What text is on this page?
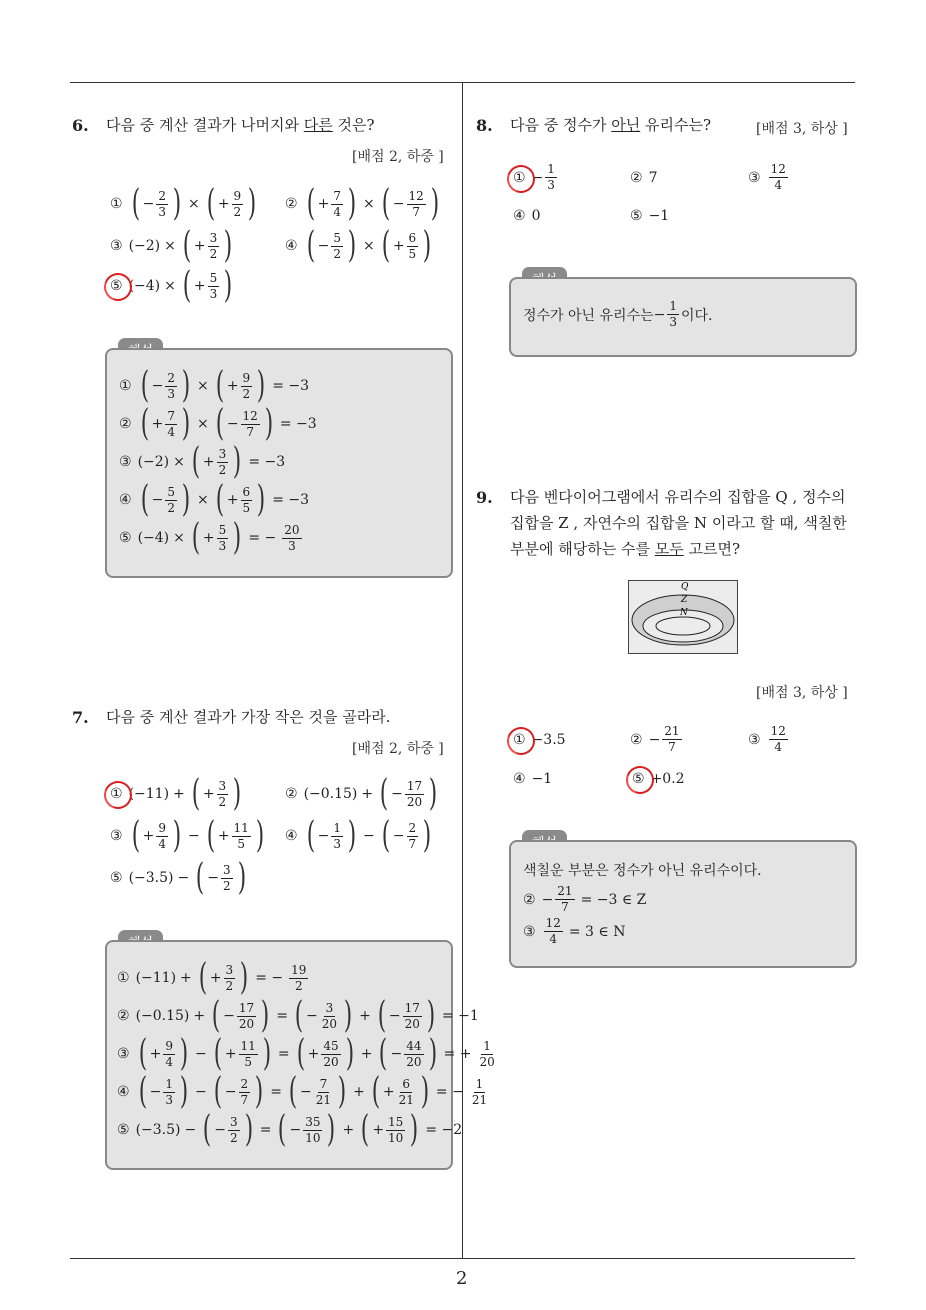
2
6. 다음 중 계산 결과가 나머지와 다른 것은?
[배점 2, 하중 ]
① ( −
2
3 ) × ( +
9
2 ) ② ( +
7
4 ) × ( −
12
7 )
③ (−2) × ( +
3
2 )	④ ( −
5
2 ) × ( +
6
5 )
⑤ (−4) × ( +
5
3 )
① ( −
2
3 ) × ( +
9
2 ) = −3
② ( +
7
4 ) × ( −
12
7 ) = −3
③ (−2) × ( +
3
2 ) = −3
④ ( −
5
2 ) × ( +
6
5 ) = −3
⑤ (−4) × ( +
5
3 ) = − $\frac{20}{3}$
7. 다음 중 계산 결과가 가장 작은 것을 골라라.
[배점 2, 하중 ]
① (−11) + ( +
3
2 )	② (−0.15) + ( −
17
20 )
③ ( +
9
4 ) − ( +
11
5 ) ④ ( −
1
3 ) − ( −
2
7 )
⑤ (−3.5) − ( −
3
2 )
① (−11) + ( +
3
2 ) = − $\frac{19}{2}$
② (−0.15) + ( −
17
20 ) = ( −
3
20 ) + ( −
17
20 ) = −1
③ ( +
9
4 ) − ( +
11
5 ) = ( +
45
20 ) + ( −
44
20 ) = + $\frac{1}{20}$
④ ( −
1
3 ) − ( −
2
7 ) = ( −
7
21 ) + ( +
6
21 ) = − $\frac{1}{21}$
⑤ (−3.5) − ( −
3
2 ) = ( −
35
10 ) + ( +
15
10 ) = −2
8. 다음 중 정수가 아닌 유리수는?	[배점 3, 하상 ]
① −
1
3	② 7	③
12
4
④ 0	⑤ −1
정수가 아닌 유리수는 −
1
3 이다.
9. 다음 벤다이어그램에서 유리수의 집합을 Q , 정수의
집합을 Z , 자연수의 집합을 N 이라고 할 때, 색칠한
부분에 해당하는 수를 모두 고르면?
Q
Z
N
[배점 3, 하상 ]
① −3.5	② −
21
7	③
12
4
④ −1	⑤ +0.2
색칠운 부분은 정수가 아닌 유리수이다.
② − $\frac{21}{7} = -3$ ∈ Z
③ $\frac{12}{4} = 3$ ∈ N
